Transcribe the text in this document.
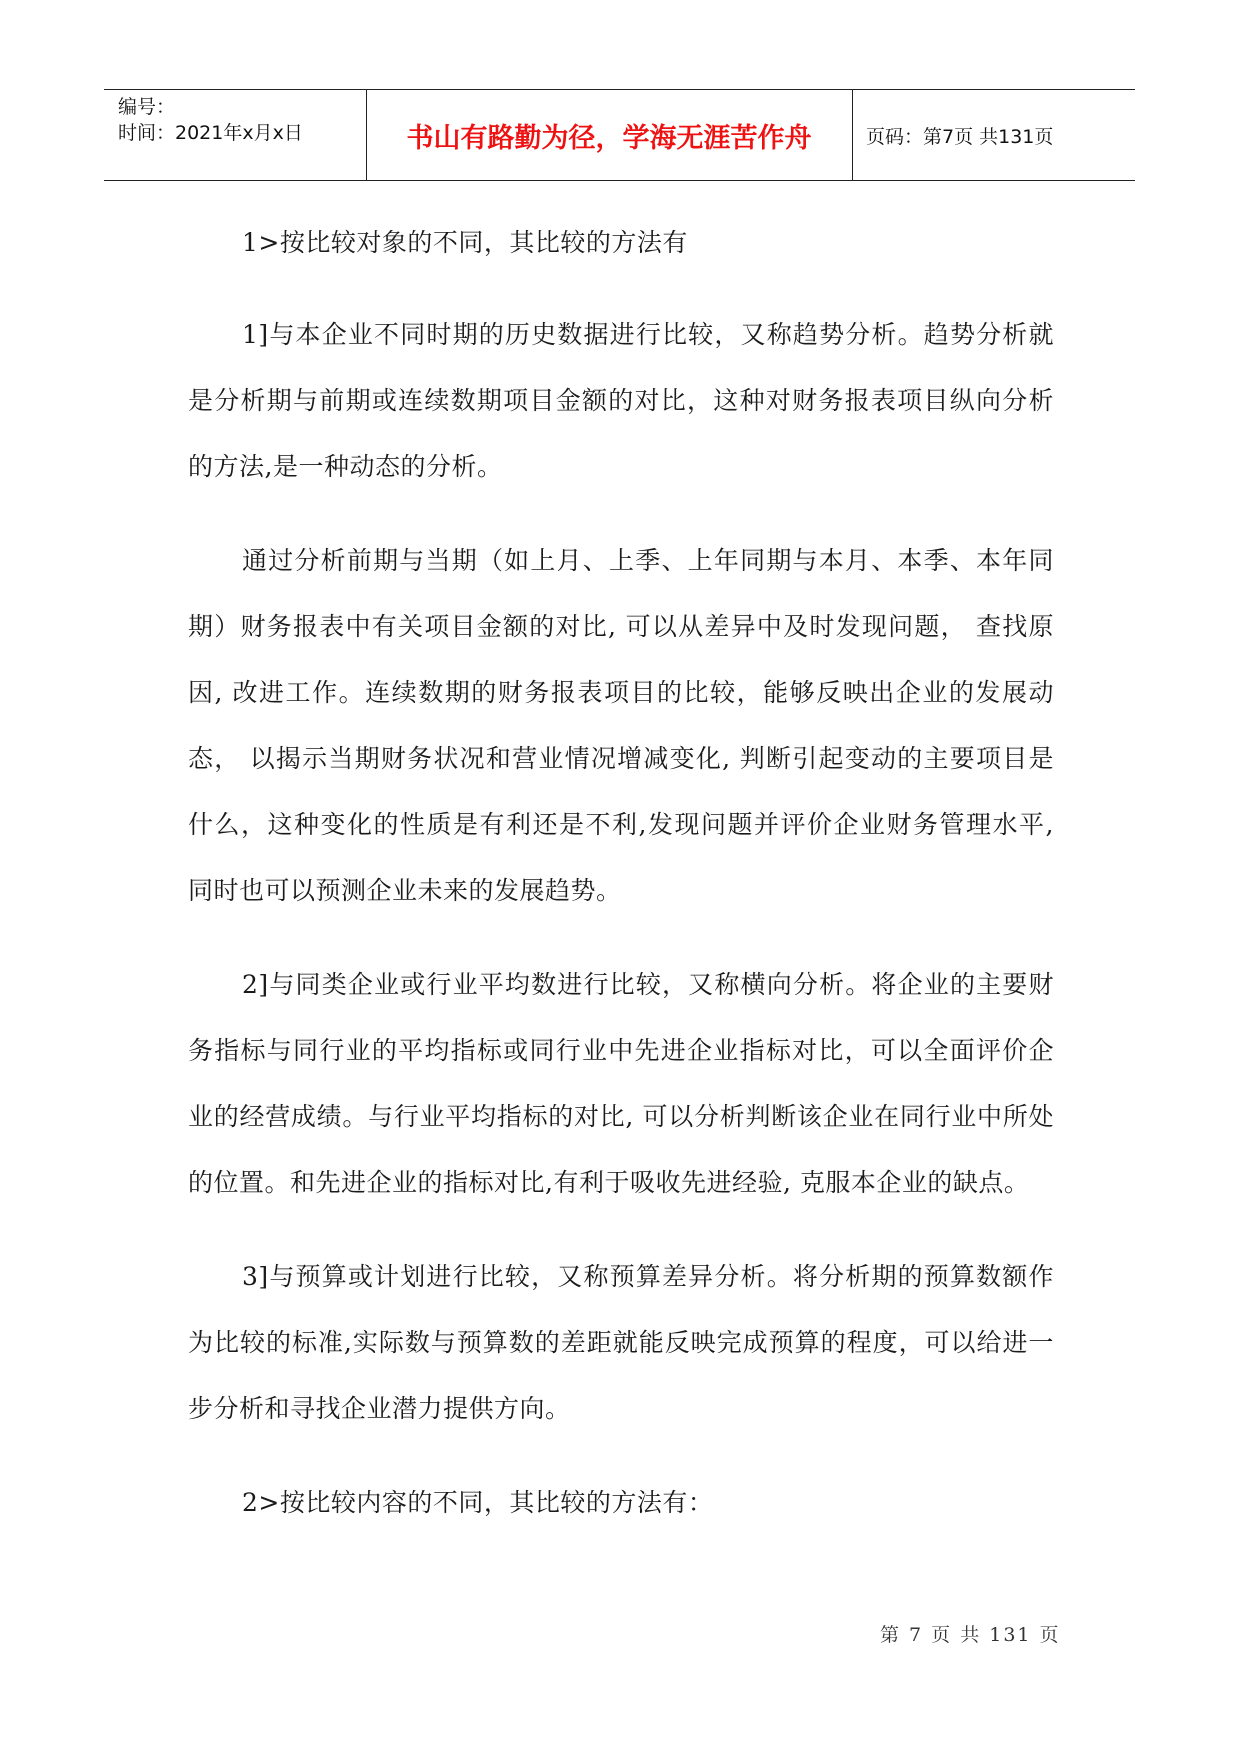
编号：
时间：2021年x月x日	书山有路勤为径，学海无涯苦作舟	页码：第7页 共131页

1>按比较对象的不同，其比较的方法有

1]与本企业不同时期的历史数据进行比较，又称趋势分析。趋势分析就是分析期与前期或连续数期项目金额的对比，这种对财务报表项目纵向分析的方法,是一种动态的分析。

通过分析前期与当期（如上月、上季、上年同期与本月、本季、本年同期）财务报表中有关项目金额的对比, 可以从差异中及时发现问题， 查找原因, 改进工作。连续数期的财务报表项目的比较，能够反映出企业的发展动态， 以揭示当期财务状况和营业情况增减变化, 判断引起变动的主要项目是什么，这种变化的性质是有利还是不利,发现问题并评价企业财务管理水平, 同时也可以预测企业未来的发展趋势。

2]与同类企业或行业平均数进行比较，又称横向分析。将企业的主要财务指标与同行业的平均指标或同行业中先进企业指标对比，可以全面评价企业的经营成绩。与行业平均指标的对比, 可以分析判断该企业在同行业中所处的位置。和先进企业的指标对比,有利于吸收先进经验, 克服本企业的缺点。

3]与预算或计划进行比较，又称预算差异分析。将分析期的预算数额作为比较的标准,实际数与预算数的差距就能反映完成预算的程度，可以给进一步分析和寻找企业潜力提供方向。

2>按比较内容的不同，其比较的方法有：

第 7 页 共 131 页
